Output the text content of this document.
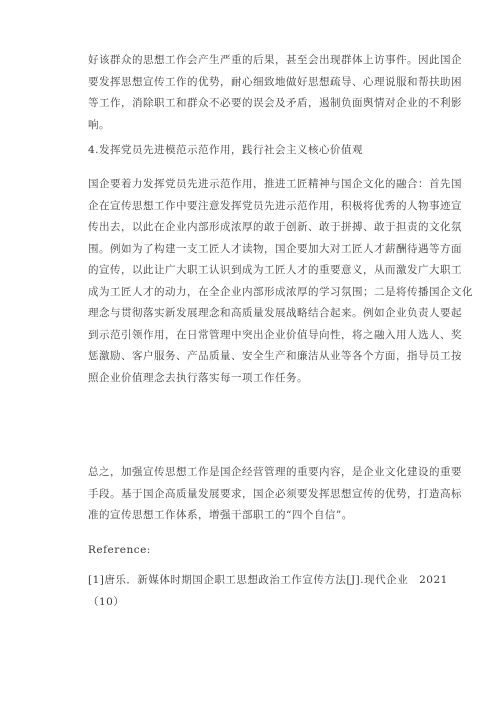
好该群众的思想工作会产生严重的后果，甚至会出现群体上访事件。因此国企
要发挥思想宣传工作的优势，耐心细致地做好思想疏导、心理说服和帮扶助困
等工作，消除职工和群众不必要的误会及矛盾，遏制负面舆情对企业的不利影
响。
4.发挥党员先进模范示范作用，践行社会主义核心价值观
国企要着力发挥党员先进示范作用，推进工匠精神与国企文化的融合：首先国
企在宣传思想工作中要注意发挥党员先进示范作用，积极将优秀的人物事迹宣
传出去，以此在企业内部形成浓厚的敢于创新、敢于拼搏、敢于担责的文化氛
围。例如为了构建一支工匠人才读物，国企要加大对工匠人才薪酬待遇等方面
的宣传，以此让广大职工认识到成为工匠人才的重要意义，从而激发广大职工
成为工匠人才的动力，在全企业内部形成浓厚的学习氛围；二是将传播国企文化
理念与贯彻落实新发展理念和高质量发展战略结合起来。例如企业负责人要起
到示范引领作用，在日常管理中突出企业价值导向性，将之融入用人选人、奖
惩激励、客户服务、产品质量、安全生产和廉洁从业等各个方面，指导员工按
照企业价值理念去执行落实每一项工作任务。
总之，加强宣传思想工作是国企经营管理的重要内容，是企业文化建设的重要
手段。基于国企高质量发展要求，国企必须要发挥思想宣传的优势，打造高标
准的宣传思想工作体系，增强干部职工的“四个自信”。
Reference:
[1]唐乐．新媒体时期国企职工思想政治工作宣传方法[J].现代企业　2021
（10）
